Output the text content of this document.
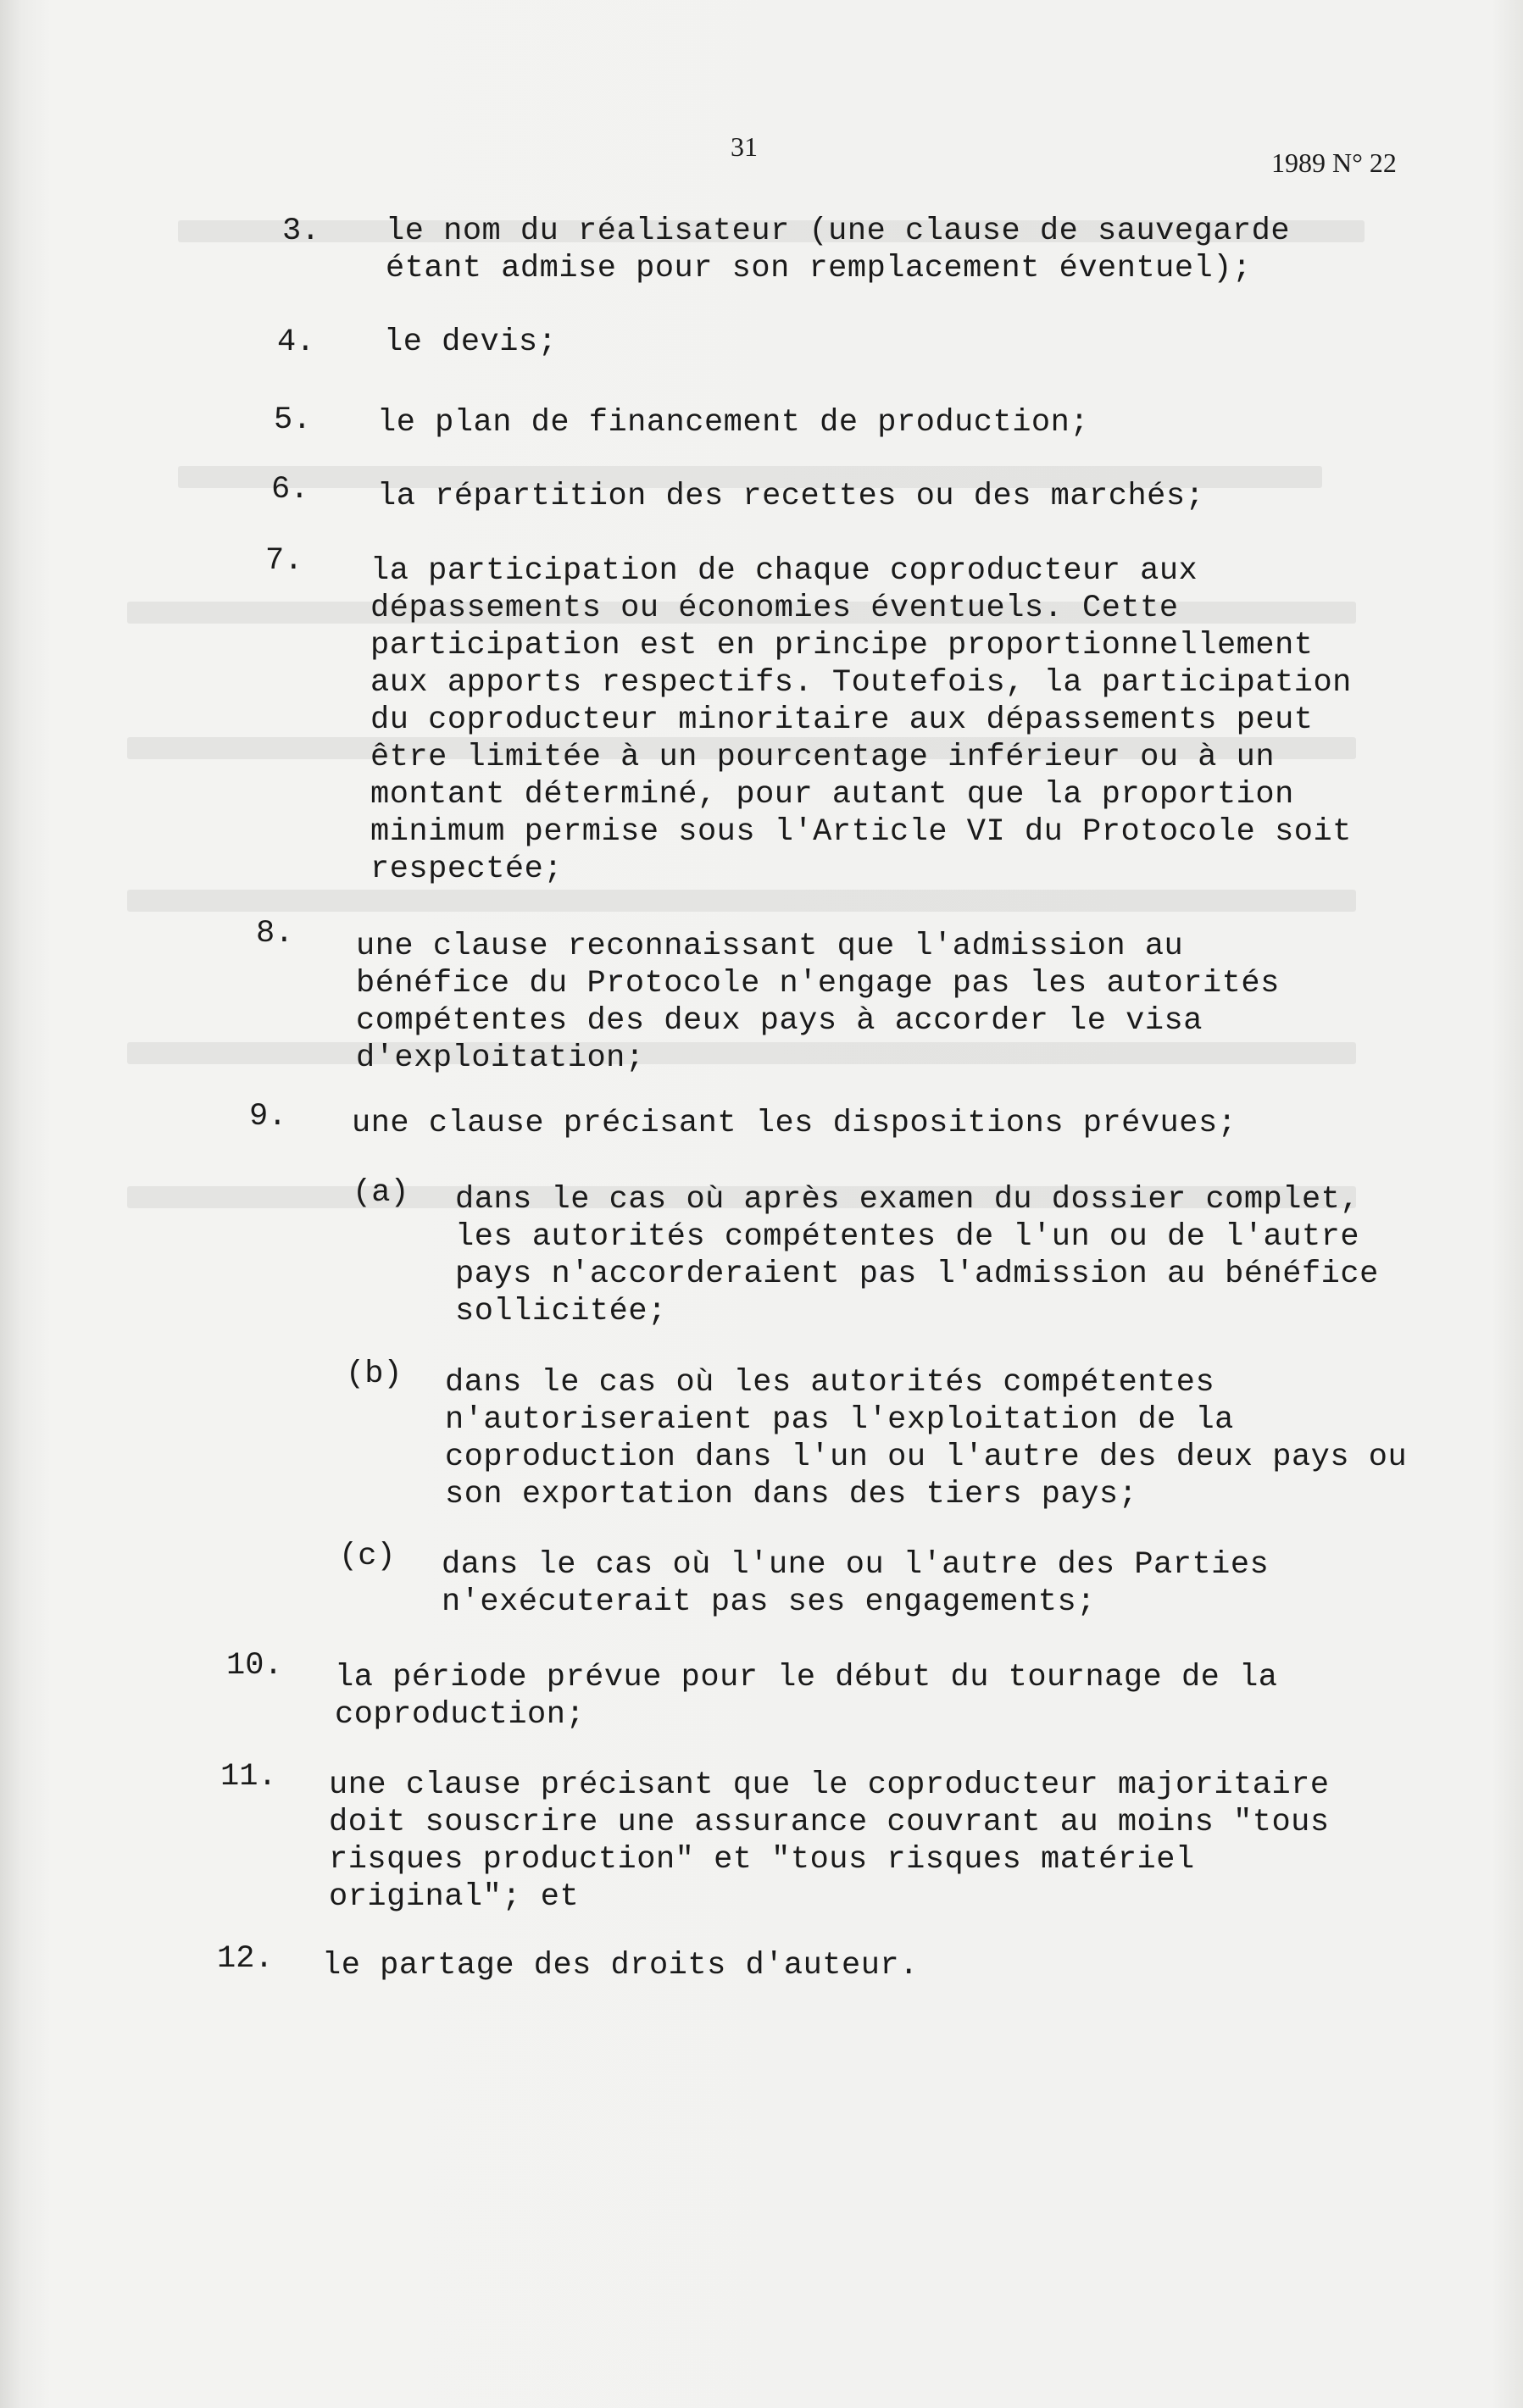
31
1989 N° 22
3. le nom du réalisateur (une clause de sauvegarde étant admise pour son remplacement éventuel);
4. le devis;
5. le plan de financement de production;
6. la répartition des recettes ou des marchés;
7. la participation de chaque coproducteur aux dépassements ou économies éventuels. Cette participation est en principe proportionnellement aux apports respectifs. Toutefois, la participation du coproducteur minoritaire aux dépassements peut être limitée à un pourcentage inférieur ou à un montant déterminé, pour autant que la proportion minimum permise sous l'Article VI du Protocole soit respectée;
8. une clause reconnaissant que l'admission au bénéfice du Protocole n'engage pas les autorités compétentes des deux pays à accorder le visa d'exploitation;
9. une clause précisant les dispositions prévues;
(a) dans le cas où après examen du dossier complet, les autorités compétentes de l'un ou de l'autre pays n'accorderaient pas l'admission au bénéfice sollicitée;
(b) dans le cas où les autorités compétentes n'autoriseraient pas l'exploitation de la coproduction dans l'un ou l'autre des deux pays ou son exportation dans des tiers pays;
(c) dans le cas où l'une ou l'autre des Parties n'exécuterait pas ses engagements;
10. la période prévue pour le début du tournage de la coproduction;
11. une clause précisant que le coproducteur majoritaire doit souscrire une assurance couvrant au moins "tous risques production" et "tous risques matériel original"; et
12. le partage des droits d'auteur.
